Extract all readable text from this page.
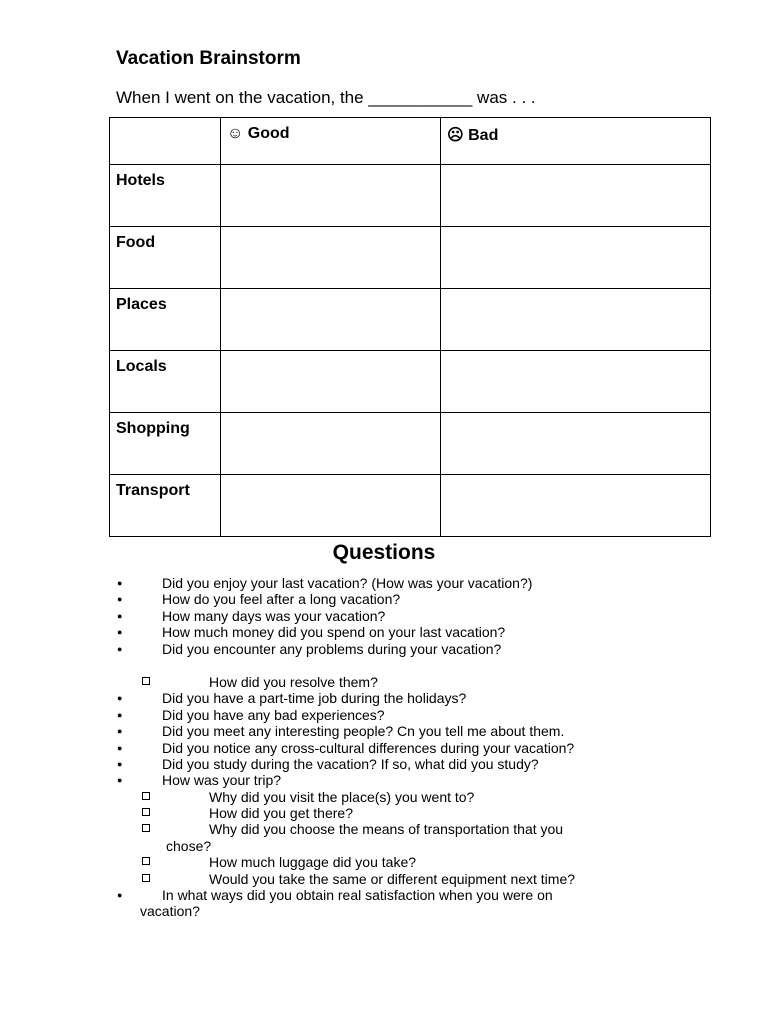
Vacation Brainstorm
When I went on the vacation, the ___________ was . . .
	☺ Good	☹ Bad
Hotels		
Food		
Places		
Locals		
Shopping		
Transport		
Questions
●	Did you enjoy your last vacation? (How was your vacation?)
●	How do you feel after a long vacation?
●	How many days was your vacation?
●	How much money did you spend on your last vacation?
●	Did you encounter any problems during your vacation?
How did you resolve them?
●	Did you have a part-time job during the holidays?
●	Did you have any bad experiences?
●	Did you meet any interesting people? Cn you tell me about them.
●	Did you notice any cross-cultural differences during your vacation?
●	Did you study during the vacation? If so, what did you study?
●	How was your trip?
Why did you visit the place(s) you went to?
How did you get there?
Why did you choose the means of transportation that you
chose?
How much luggage did you take?
Would you take the same or different equipment next time?
●	In what ways did you obtain real satisfaction when you were on
vacation?
